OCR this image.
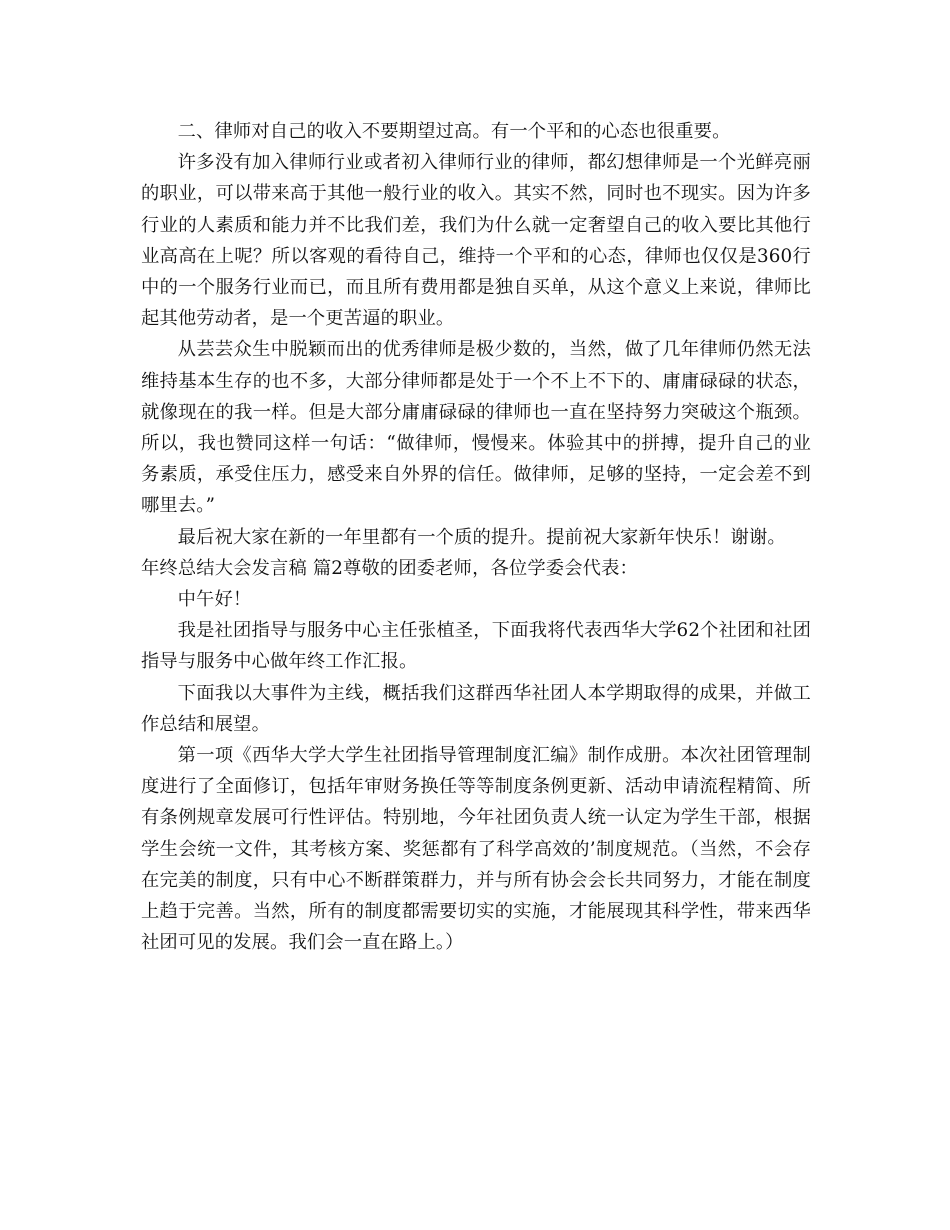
二、律师对自己的收入不要期望过高。有一个平和的心态也很重要。

许多没有加入律师行业或者初入律师行业的律师，都幻想律师是一个光鲜亮丽的职业，可以带来高于其他一般行业的收入。其实不然，同时也不现实。因为许多行业的人素质和能力并不比我们差，我们为什么就一定奢望自己的收入要比其他行业高高在上呢？所以客观的看待自己，维持一个平和的心态，律师也仅仅是360行中的一个服务行业而已，而且所有费用都是独自买单，从这个意义上来说，律师比起其他劳动者，是一个更苦逼的职业。

从芸芸众生中脱颖而出的优秀律师是极少数的，当然，做了几年律师仍然无法维持基本生存的也不多，大部分律师都是处于一个不上不下的、庸庸碌碌的状态，就像现在的我一样。但是大部分庸庸碌碌的律师也一直在坚持努力突破这个瓶颈。所以，我也赞同这样一句话：“做律师，慢慢来。体验其中的拼搏，提升自己的业务素质，承受住压力，感受来自外界的信任。做律师，足够的坚持，一定会差不到哪里去。”

最后祝大家在新的一年里都有一个质的提升。提前祝大家新年快乐！谢谢。

年终总结大会发言稿 篇2尊敬的团委老师，各位学委会代表：

中午好！

我是社团指导与服务中心主任张植圣，下面我将代表西华大学62个社团和社团指导与服务中心做年终工作汇报。

下面我以大事件为主线，概括我们这群西华社团人本学期取得的成果，并做工作总结和展望。

第一项《西华大学大学生社团指导管理制度汇编》制作成册。本次社团管理制度进行了全面修订，包括年审财务换任等等制度条例更新、活动申请流程精简、所有条例规章发展可行性评估。特别地，今年社团负责人统一认定为学生干部，根据学生会统一文件，其考核方案、奖惩都有了科学高效的’制度规范。（当然，不会存在完美的制度，只有中心不断群策群力，并与所有协会会长共同努力，才能在制度上趋于完善。当然，所有的制度都需要切实的实施，才能展现其科学性，带来西华社团可见的发展。我们会一直在路上。）
